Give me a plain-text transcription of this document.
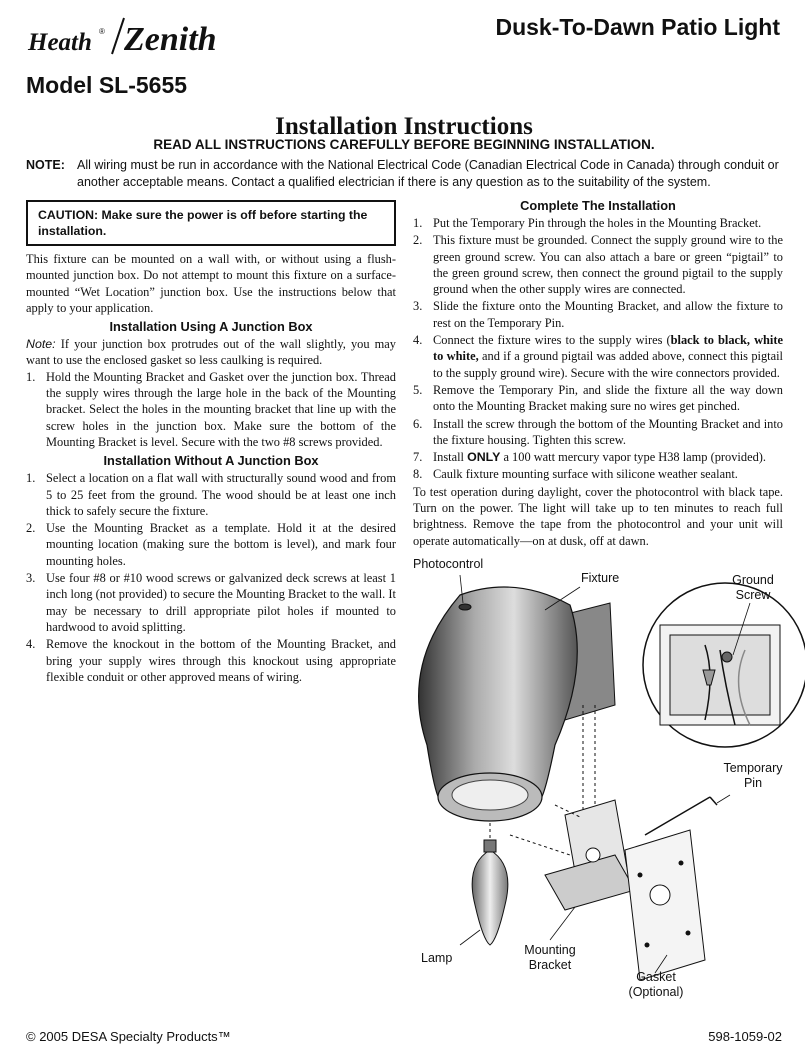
Heath ® Zenith	Dusk-To-Dawn Patio Light
Model SL-5655
Installation Instructions
READ ALL INSTRUCTIONS CAREFULLY BEFORE BEGINNING INSTALLATION.
NOTE: All wiring must be run in accordance with the National Electrical Code (Canadian Electrical Code in Canada) through conduit or another acceptable means. Contact a qualified electrician if there is any question as to the suitability of the system.
CAUTION: Make sure the power is off before starting the installation.

This fixture can be mounted on a wall with, or without using a flush-mounted junction box. Do not attempt to mount this fixture on a surface-mounted “Wet Location” junction box. Use the instructions below that apply to your application.

Installation Using A Junction Box

Note: If your junction box protrudes out of the wall slightly, you may want to use the enclosed gasket so less caulking is required.

1. Hold the Mounting Bracket and Gasket over the junction box. Thread the supply wires through the large hole in the back of the Mounting bracket. Select the holes in the mounting bracket that line up with the screw holes in the junction box. Make sure the bottom of the Mounting Bracket is level. Secure with the two #8 screws provided.
Installation Without A Junction Box
1. Select a location on a flat wall with structurally sound wood and from 5 to 25 feet from the ground. The wood should be at least one inch thick to safely secure the fixture.
2. Use the Mounting Bracket as a template. Hold it at the desired mounting location (making sure the bottom is level), and mark four mounting holes.
3. Use four #8 or #10 wood screws or galvanized deck screws at least 1 inch long (not provided) to secure the Mounting Bracket to the wall. It may be necessary to drill appropriate pilot holes if mounted to hardwood to avoid splitting.
4. Remove the knockout in the bottom of the Mounting Bracket, and bring your supply wires through this knockout using appropriate flexible conduit or other approved means of wiring.
Complete The Installation
1. Put the Temporary Pin through the holes in the Mounting Bracket.
2. This fixture must be grounded. Connect the supply ground wire to the green ground screw. You can also attach a bare or green “pigtail” to the green ground screw, then connect the ground pigtail to the supply ground when the other supply wires are connected.
3. Slide the fixture onto the Mounting Bracket, and allow the fixture to rest on the Temporary Pin.
4. Connect the fixture wires to the supply wires (black to black, white to white, and if a ground pigtail was added above, connect this pigtail to the supply ground wire). Secure with the wire connectors provided.
5. Remove the Temporary Pin, and slide the fixture all the way down onto the Mounting Bracket making sure no wires get pinched.
6. Install the screw through the bottom of the Mounting Bracket and into the fixture housing. Tighten this screw.
7. Install ONLY a 100 watt mercury vapor type H38 lamp (provided).
8. Caulk fixture mounting surface with silicone weather sealant.

To test operation during daylight, cover the photocontrol with black tape. Turn on the power. The light will take up to ten minutes to reach full brightness. Remove the tape from the photocontrol and your unit will operate automatically—on at dusk, off at dawn.

Photocontrol
Fixture	Ground
Screw
Temporary
Pin
Lamp
Mounting
Bracket
Gasket
(Optional)
© 2005 DESA Specialty Products™	598-1059-02
